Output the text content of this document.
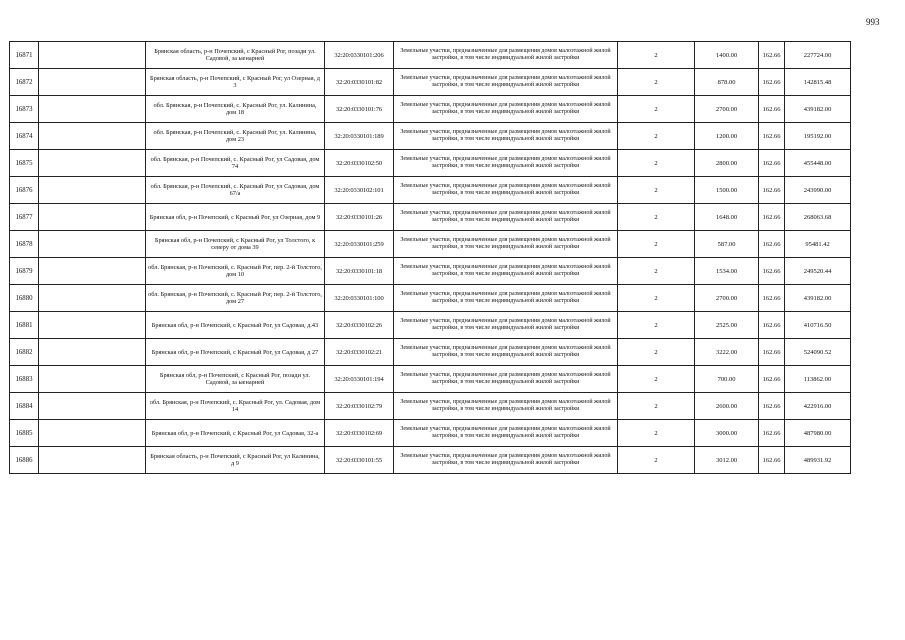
993
16871		Брянская область, р-н Почепский, с Красный Рог, позади ул. Садовой, за ыенарней	32:20:0330101:206	Земельные участки, предназначенные для размещения домов малоэтажной жилой застройки, в том числе индивидуальной жилой застройки	2	1400.00	162.66	227724.00
16872		Брянская область, р-н Почепский, с Красный Рог, ул Озерная, д 3	32:20:0330101:82	Земельные участки, предназначенные для размещения домов малоэтажной жилой застройки, в том числе индивидуальной жилой застройки	2	878.00	162.66	142815.48
16873		обл. Брянская, р-н Почепский, с. Красный Рог, ул. Калинина, дом 18	32:20:0330101:76	Земельные участки, предназначенные для размещения домов малоэтажной жилой застройки, в том числе индивидуальной жилой застройки	2	2700.00	162.66	439182.00
16874		обл. Брянская, р-н Почепский, с. Красный Рог, ул. Калинина, дом 23	32:20:0330101:189	Земельные участки, предназначенные для размещения домов малоэтажной жилой застройки, в том числе индивидуальной жилой застройки	2	1200.00	162.66	195192.00
16875		обл. Брянская, р-н Почепский, с. Красный Рог, ул Садовая, дом 74	32:20:0330102:50	Земельные участки, предназначенные для размещения домов малоэтажной жилой застройки, в том числе индивидуальной жилой застройки	2	2800.00	162.66	455448.00
16876		обл. Брянская, р-н Почепский, с. Красный Рог, ул Садовая, дом 67/а	32:20:0330102:101	Земельные участки, предназначенные для размещения домов малоэтажной жилой застройки, в том числе индивидуальной жилой застройки	2	1500.00	162.66	243990.00
16877		Брянская обл, р-н Почепский, с Красный Рог, ул Озерная, дом 9	32:20:0330101:26	Земельные участки, предназначенные для размещения домов малоэтажной жилой застройки, в том числе индивидуальной жилой застройки	2	1648.00	162.66	268063.68
16878		Брянская обл, р-н Почепский, с Красный Рог, ул Толстого, к северу от дома 39	32:20:0330101:259	Земельные участки, предназначенные для размещения домов малоэтажной жилой застройки, в том числе индивидуальной жилой застройки	2	587.00	162.66	95481.42
16879		обл. Брянская, р-н Почепский, с. Красный Рог, пер. 2-й Толстого, дом 10	32:20:0330101:18	Земельные участки, предназначенные для размещения домов малоэтажной жилой застройки, в том числе индивидуальной жилой застройки	2	1534.00	162.66	249520.44
16880		обл. Брянская, р-н Почепский, с. Красный Рог, пер. 2-й Толстого, дом 27	32:20:0330101:100	Земельные участки, предназначенные для размещения домов малоэтажной жилой застройки, в том числе индивидуальной жилой застройки	2	2700.00	162.66	439182.00
16881		Брянская обл, р-н Почепский, с Красный Рог, ул Садовая, д.43	32:20:0330102:26	Земельные участки, предназначенные для размещения домов малоэтажной жилой застройки, в том числе индивидуальной жилой застройки	2	2525.00	162.66	410716.50
16882		Брянская обл, р-н Почепский, с Красный Рог, ул Садовая, д 27	32:20:0330102:21	Земельные участки, предназначенные для размещения домов малоэтажной жилой застройки, в том числе индивидуальной жилой застройки	2	3222.00	162.66	524090.52
16883		Брянская обл, р-н Почепский, с Красный Рог, позади ул. Садовой, за ыенарней	32:20:0330101:194	Земельные участки, предназначенные для размещения домов малоэтажной жилой застройки, в том числе индивидуальной жилой застройки	2	700.00	162.66	113862.00
16884		обл. Брянская, р-н Почепский, с. Красный Рог, ул. Садовая, дом 14	32:20:0330102:79	Земельные участки, предназначенные для размещения домов малоэтажной жилой застройки, в том числе индивидуальной жилой застройки	2	2600.00	162.66	422916.00
16885		Брянская обл, р-н Почепский, с Красный Рог, ул Садовая, 32-а	32:20:0330102:69	Земельные участки, предназначенные для размещения домов малоэтажной жилой застройки, в том числе индивидуальной жилой застройки	2	3000.00	162.66	487980.00
16886		Брянская область, р-н Почепский, с Красный Рог, ул Калинина, д 9	32:20:0330101:55	Земельные участки, предназначенные для размещения домов малоэтажной жилой застройки, в том числе индивидуальной жилой застройки	2	3012.00	162.66	489931.92
